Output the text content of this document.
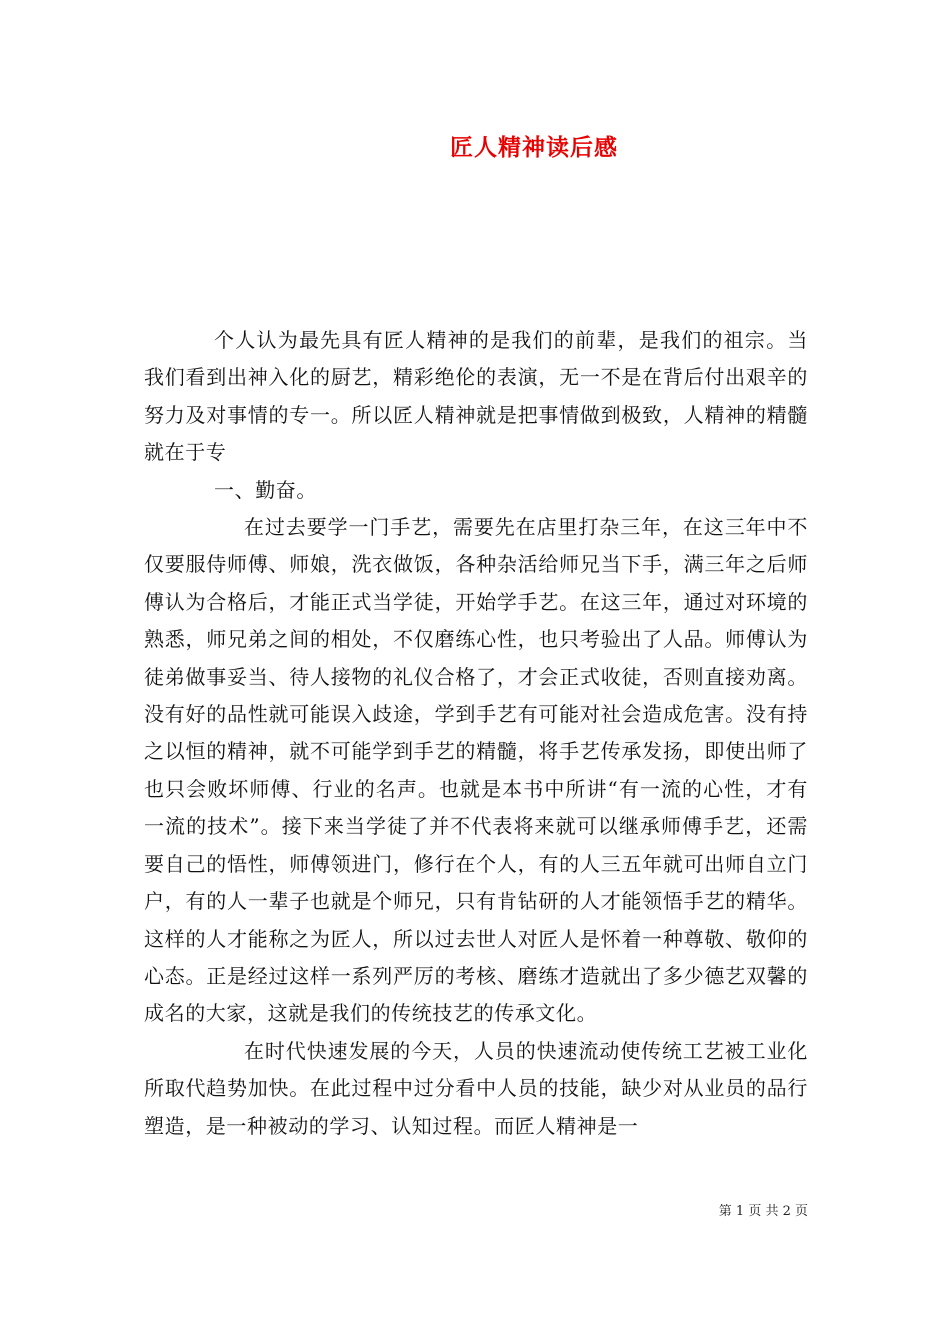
匠人精神读后感

个人认为最先具有匠人精神的是我们的前辈，是我们的祖宗。当我们看到出神入化的厨艺，精彩绝伦的表演，无一不是在背后付出艰辛的努力及对事情的专一。所以匠人精神就是把事情做到极致，人精神的精髓就在于专

一、勤奋。

在过去要学一门手艺，需要先在店里打杂三年，在这三年中不仅要服侍师傅、师娘，洗衣做饭，各种杂活给师兄当下手，满三年之后师傅认为合格后，才能正式当学徒，开始学手艺。在这三年，通过对环境的熟悉，师兄弟之间的相处，不仅磨练心性，也只考验出了人品。师傅认为徒弟做事妥当、待人接物的礼仪合格了，才会正式收徒，否则直接劝离。没有好的品性就可能误入歧途，学到手艺有可能对社会造成危害。没有持之以恒的精神，就不可能学到手艺的精髓，将手艺传承发扬，即使出师了也只会败坏师傅、行业的名声。也就是本书中所讲“有一流的心性，才有一流的技术”。接下来当学徒了并不代表将来就可以继承师傅手艺，还需要自己的悟性，师傅领进门，修行在个人，有的人三五年就可出师自立门户，有的人一辈子也就是个师兄，只有肯钻研的人才能领悟手艺的精华。这样的人才能称之为匠人，所以过去世人对匠人是怀着一种尊敬、敬仰的心态。正是经过这样一系列严厉的考核、磨练才造就出了多少德艺双馨的成名的大家，这就是我们的传统技艺的传承文化。

在时代快速发展的今天，人员的快速流动使传统工艺被工业化所取代趋势加快。在此过程中过分看中人员的技能，缺少对从业员的品行塑造，是一种被动的学习、认知过程。而匠人精神是一

第 1 页 共 2 页
